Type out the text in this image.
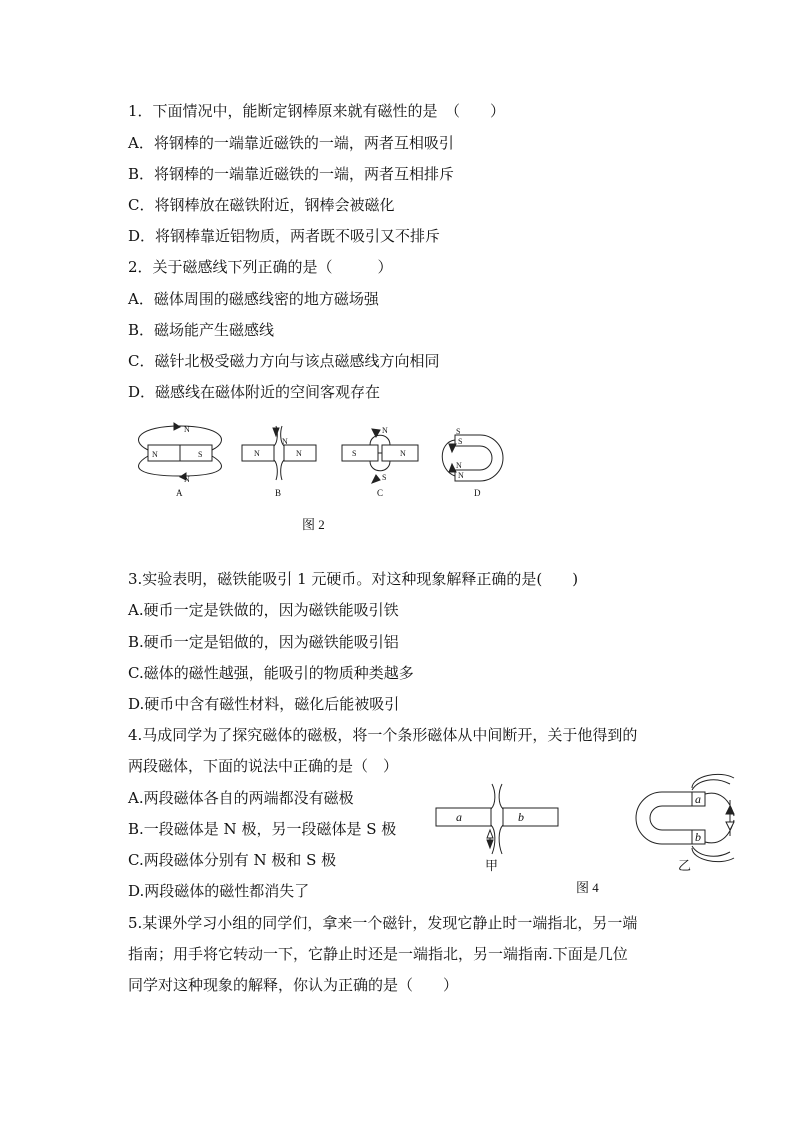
1．下面情况中，能断定钢棒原来就有磁性的是　（　　）
A．将钢棒的一端靠近磁铁的一端，两者互相吸引
B．将钢棒的一端靠近磁铁的一端，两者互相排斥
C．将钢棒放在磁铁附近，钢棒会被磁化
D．将钢棒靠近铝物质，两者既不吸引又不排斥
2．关于磁感线下列正确的是（　　　）
A．磁体周围的磁感线密的地方磁场强
B．磁场能产生磁感线
C．磁针北极受磁力方向与该点磁感线方向相同
D．磁感线在磁体附近的空间客观存在
N	S
N
N
N	N
N
S	N
N
S
S
S
N
N
A	B	C	D
图 2
3.实验表明，磁铁能吸引 1 元硬币。对这种现象解释正确的是(　　)
A.硬币一定是铁做的，因为磁铁能吸引铁
B.硬币一定是铝做的，因为磁铁能吸引铝
C.磁体的磁性越强，能吸引的物质种类越多
D.硬币中含有磁性材料，磁化后能被吸引
4.马成同学为了探究磁体的磁极，将一个条形磁体从中间断开，关于他得到的
两段磁体，下面的说法中正确的是（　）
A.两段磁体各自的两端都没有磁极
B.一段磁体是 N 极，另一段磁体是 S 极
C.两段磁体分别有 N 极和 S 极
D.两段磁体的磁性都消失了
a	b
a
b
甲	乙
图 4
5.某课外学习小组的同学们，拿来一个磁针，发现它静止时一端指北，另一端
指南；用手将它转动一下，它静止时还是一端指北，另一端指南.下面是几位
同学对这种现象的解释，你认为正确的是（　　）
